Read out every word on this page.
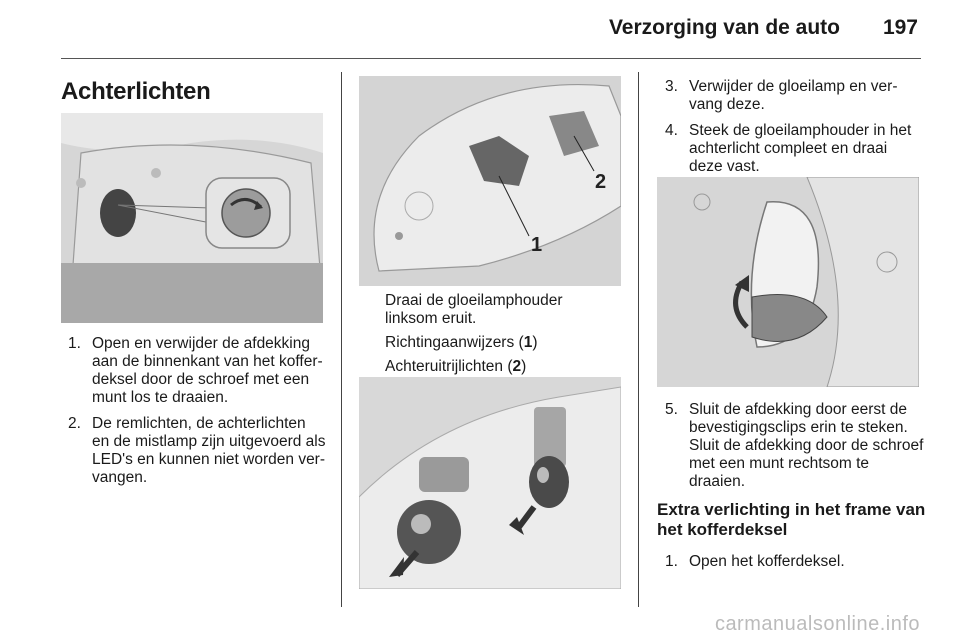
Verzorging van de auto 197
Achterlichten
1. Open en verwijder de afdekking aan de binnenkant van het koffer-deksel door de schroef met een munt los te draaien.
2. De remlichten, de achterlichten en de mistlamp zijn uitgevoerd als LED's en kunnen niet worden ver-vangen.
1
2
Draai de gloeilamphouder linksom eruit.
Richtingaanwijzers (1)
Achteruitrijlichten (2)
3. Verwijder de gloeilamp en ver-vang deze.
4. Steek de gloeilamphouder in het achterlicht compleet en draai deze vast.
5. Sluit de afdekking door eerst de bevestigingsclips erin te steken. Sluit de afdekking door de schroef met een munt rechtsom te draaien.
Extra verlichting in het frame van het kofferdeksel
1. Open het kofferdeksel.
carmanualsonline.info
